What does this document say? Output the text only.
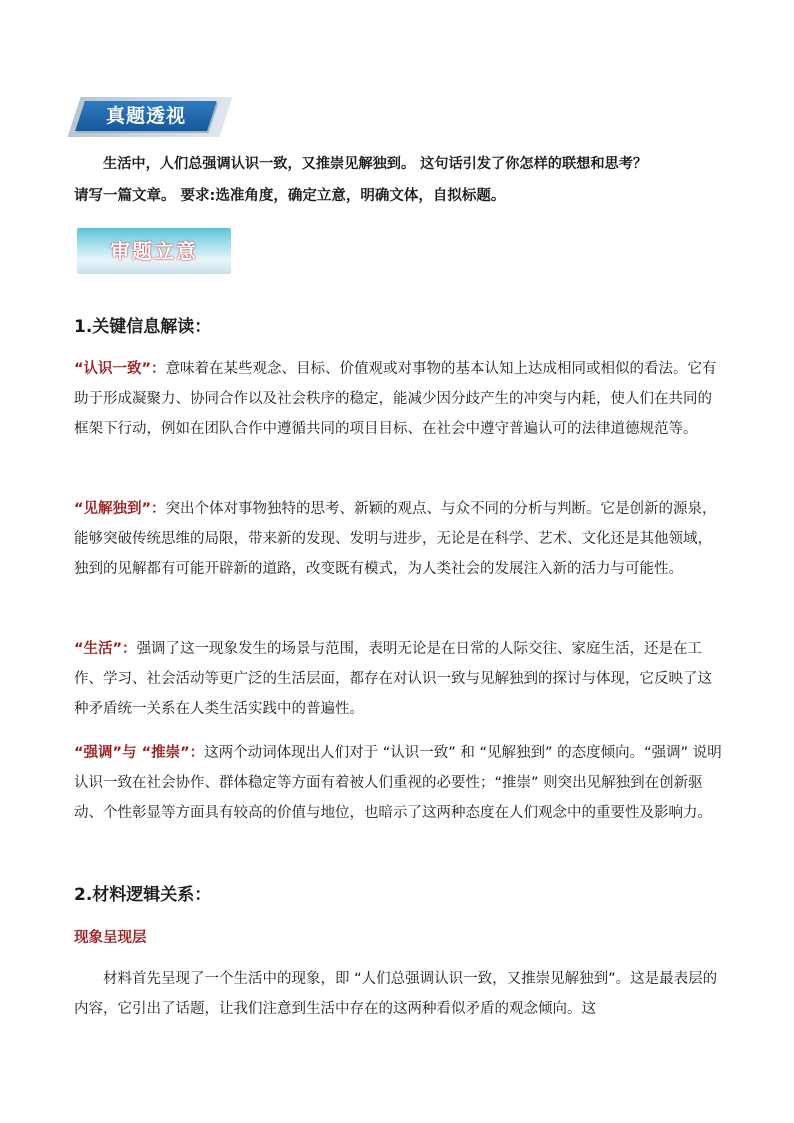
真题透视
生活中，人们总强调认识一致，又推崇见解独到。 这句话引发了你怎样的联想和思考？
请写一篇文章。 要求:选准角度，确定立意，明确文体，自拟标题。
审题立意
1.关键信息解读：
“认识一致”：意味着在某些观念、目标、价值观或对事物的基本认知上达成相同或相似的看法。它有助于形成凝聚力、协同合作以及社会秩序的稳定，能减少因分歧产生的冲突与内耗，使人们在共同的框架下行动，例如在团队合作中遵循共同的项目目标、在社会中遵守普遍认可的法律道德规范等。
“见解独到”：突出个体对事物独特的思考、新颖的观点、与众不同的分析与判断。它是创新的源泉，能够突破传统思维的局限，带来新的发现、发明与进步，无论是在科学、艺术、文化还是其他领域，独到的见解都有可能开辟新的道路，改变既有模式，为人类社会的发展注入新的活力与可能性。
“生活”：强调了这一现象发生的场景与范围，表明无论是在日常的人际交往、家庭生活，还是在工作、学习、社会活动等更广泛的生活层面，都存在对认识一致与见解独到的探讨与体现，它反映了这种矛盾统一关系在人类生活实践中的普遍性。
“强调”与 “推崇”：这两个动词体现出人们对于 “认识一致” 和 “见解独到” 的态度倾向。“强调” 说明认识一致在社会协作、群体稳定等方面有着被人们重视的必要性；“推崇” 则突出见解独到在创新驱动、个性彰显等方面具有较高的价值与地位，也暗示了这两种态度在人们观念中的重要性及影响力。
2.材料逻辑关系：
现象呈现层
材料首先呈现了一个生活中的现象，即 “人们总强调认识一致，又推崇见解独到”。这是最表层的内容，它引出了话题，让我们注意到生活中存在的这两种看似矛盾的观念倾向。这
